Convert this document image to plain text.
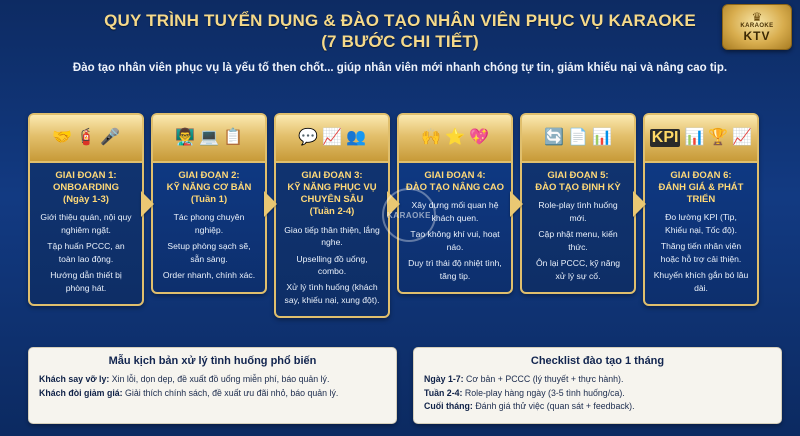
QUY TRÌNH TUYỂN DỤNG & ĐÀO TẠO NHÂN VIÊN PHỤC VỤ KARAOKE
(7 BƯỚC CHI TIẾT)
Đào tạo nhân viên phục vụ là yếu tố then chốt... giúp nhân viên mới nhanh chóng tự tin, giảm khiếu nại và nâng cao tip.
♛
KARAOKE
KTV
🤝 🧯 🎤
GIAI ĐOẠN 1:
ONBOARDING
(Ngày 1-3)
Giới thiệu quán, nội quy nghiêm ngặt.
Tập huấn PCCC, an toàn lao động.
Hướng dẫn thiết bị phòng hát.
👨‍🏫 💻 📋
GIAI ĐOẠN 2:
KỸ NĂNG CƠ BẢN
(Tuần 1)
Tác phong chuyên nghiệp.
Setup phòng sạch sẽ, sẵn sàng.
Order nhanh, chính xác.
💬 📈 👥
GIAI ĐOẠN 3:
KỸ NĂNG PHỤC VỤ CHUYÊN SÂU
(Tuần 2-4)
Giao tiếp thân thiện, lắng nghe.
Upselling đồ uống, combo.
Xử lý tình huống (khách say, khiếu nại, xung đột).
🙌 ⭐ 💖
GIAI ĐOẠN 4:
ĐÀO TẠO NÂNG CAO
Xây dựng mối quan hệ khách quen.
Tạo không khí vui, hoạt náo.
Duy trì thái độ nhiệt tình, tăng tip.
🔄 📄 📊
GIAI ĐOẠN 5:
ĐÀO TẠO ĐỊNH KỲ
Role-play tình huống mới.
Cập nhật menu, kiến thức.
Ôn lại PCCC, kỹ năng xử lý sự cố.
KPI 📊 🏆 📈
GIAI ĐOẠN 6:
ĐÁNH GIÁ & PHÁT TRIỂN
Đo lường KPI (Tip, Khiếu nại, Tốc độ).
Thăng tiến nhân viên hoặc hỗ trợ cải thiện.
Khuyến khích gắn bó lâu dài.
KARAOKE
Mẫu kịch bản xử lý tình huống phổ biến
Khách say vỡ ly: Xin lỗi, dọn dẹp, đề xuất đồ uống miễn phí, báo quản lý.
Khách đòi giảm giá: Giải thích chính sách, đề xuất ưu đãi nhỏ, báo quản lý.
Checklist đào tạo 1 tháng
Ngày 1-7: Cơ bản + PCCC (lý thuyết + thực hành).
Tuần 2-4: Role-play hàng ngày (3-5 tình huống/ca).
Cuối tháng: Đánh giá thử việc (quan sát + feedback).
